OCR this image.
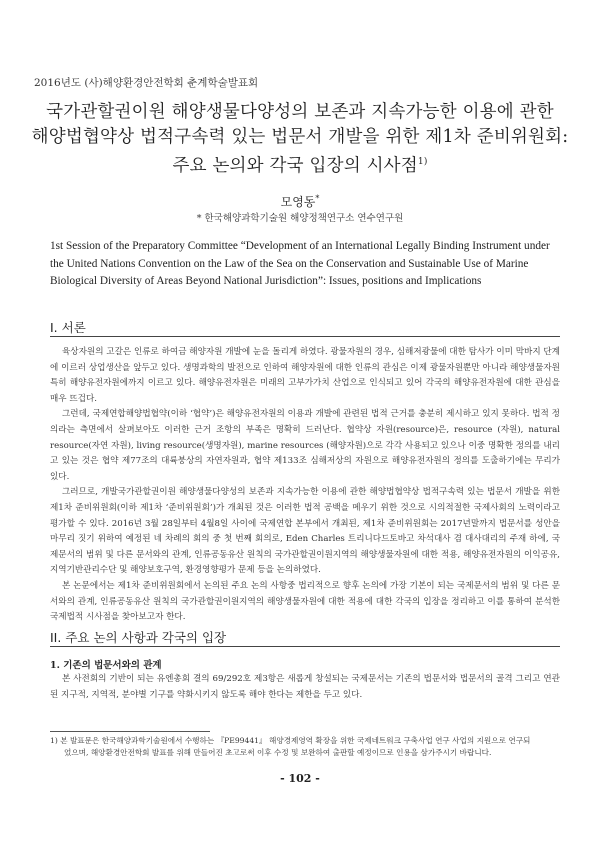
2016년도 (사)해양환경안전학회 춘계학술발표회
국가관할권이원 해양생물다양성의 보존과 지속가능한 이용에 관한
해양법협약상 법적구속력 있는 법문서 개발을 위한 제1차 준비위원회:
주요 논의와 각국 입장의 시사점$^{1)}$
모영동*
* 한국해양과학기술원 해양정책연구소 연수연구원
1st Session of the Preparatory Committee “Development of an International Legally Binding Instrument under the United Nations Convention on the Law of the Sea on the Conservation and Sustainable Use of Marine Biological Diversity of Areas Beyond National Jurisdiction”: Issues, positions and Implications
I. 서론

육상자원의 고갈은 인류로 하여금 해양자원 개발에 눈을 돌리게 하였다. 광물자원의 경우, 심해저광물에 대한 탐사가 이미 막바지 단계에 이르러 상업생산을 앞두고 있다. 생명과학의 발전으로 인하여 해양자원에 대한 인류의 관심은 이제 광물자원뿐만 아니라 해양생물자원 특히 해양유전자원에까지 이르고 있다. 해양유전자원은 미래의 고부가가치 산업으로 인식되고 있어 각국의 해양유전자원에 대한 관심을 매우 뜨겁다.

그런데, 국제연합해양법협약(이하 ‘협약’)은 해양유전자원의 이용과 개발에 관련된 법적 근거를 충분히 제시하고 있지 못하다. 법적 정의라는 측면에서 살펴보아도 이러한 근거 조항의 부족은 명확히 드러난다. 협약상 자원(resource)은, resource (자원), natural resource(자연 자원), living resource(생명자원), marine resources (해양자원)으로 각각 사용되고 있으나 이중 명확한 정의를 내리고 있는 것은 협약 제77조의 대륙붕상의 자연자원과, 협약 제133조 심해저상의 자원으로 해양유전자원의 정의를 도출하기에는 무리가 있다.

그러므로, 개발국가관할권이원 해양생물다양성의 보존과 지속가능한 이용에 관한 해양법협약상 법적구속력 있는 법문서 개발을 위한 제1차 준비위원회(이하 제1차 ‘준비위원회’)가 개최된 것은 이러한 법적 공백을 메우기 위한 것으로 시의적절한 국제사회의 노력이라고 평가할 수 있다. 2016년 3월 28일부터 4월8일 사이에 국제연합 본부에서 개최된, 제1차 준비위원회는 2017년말까지 법문서를 성안을 마무리 짓기 위하여 예정된 네 차례의 회의 중 첫 번째 회의로, Eden Charles 트리니다드토바고 차석대사 겸 대사대리의 주재 하에, 국제문서의 범위 및 다른 문서와의 관계, 인류공동유산 원칙의 국가관할권이원지역의 해양생물자원에 대한 적용, 해양유전자원의 이익공유, 지역기반관리수단 및 해양보호구역, 환경영향평가 문제 등을 논의하였다.

본 논문에서는 제1차 준비위원회에서 논의된 주요 논의 사항중 법리적으로 향후 논의에 가장 기본이 되는 국제문서의 범위 및 다른 문서와의 관계, 인류공동유산 원칙의 국가관할권이원지역의 해양생물자원에 대한 적용에 대한 각국의 입장을 정리하고 이를 통하여 분석한 국제법적 시사점을 찾아보고자 한다.

II. 주요 논의 사항과 각국의 입장
1. 기존의 법문서와의 관계

본 사전회의 기반이 되는 유엔총회 결의 69/292호 제3항은 새롭게 창설되는 국제문서는 기존의 법문서와 법문서의 골격 그리고 연관된 지구적, 지역적, 분야별 기구를 약화시키지 않도록 해야 한다는 제한을 두고 있다.

1) 본 발표문은 한국해양과학기술원에서 수행하는 『PE99441』 해양경제영역 확장을 위한 국제네트워크 구축사업 연구 사업의 지원으로 연구되
었으며, 해양환경안전학회 발표를 위해 만들어진 초고로써 이후 수정 및 보완하여 출판할 예정이므로 인용을 삼가주시기 바랍니다.
- 102 -
